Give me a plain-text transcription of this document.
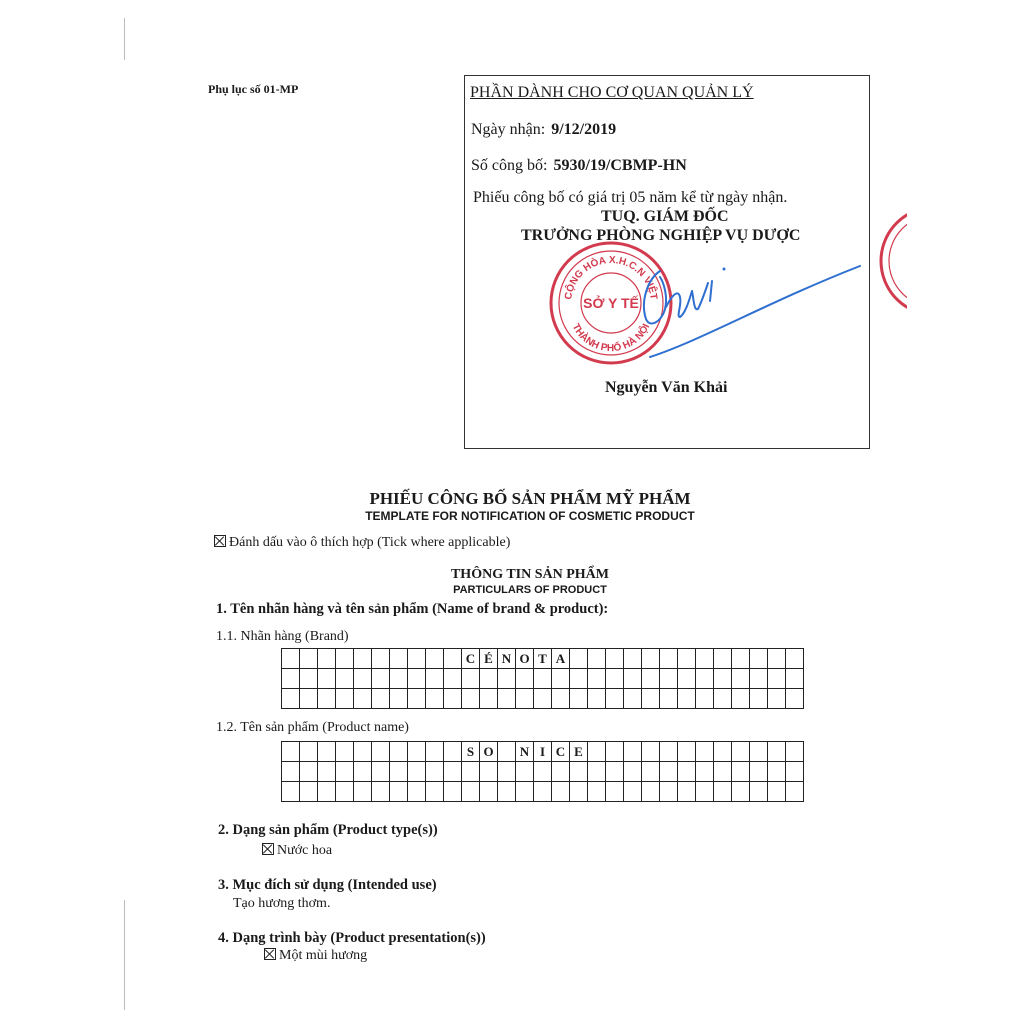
Phụ lục số 01-MP	PHẦN DÀNH CHO CƠ QUAN QUẢN LÝ
Ngày nhận: 9/12/2019
Số công bố: 5930/19/CBMP-HN
Phiếu công bố có giá trị 05 năm kể từ ngày nhận.
TUQ. GIÁM ĐỐC
TRƯỞNG PHÒNG NGHIỆP VỤ DƯỢC
Nguyễn Văn Khải
CỘNG HÒA X.H.C.N VIỆT
THÀNH PHỐ HÀ NỘI
SỞ Y TẾ
PHIẾU CÔNG BỐ SẢN PHẨM MỸ PHẨM
TEMPLATE FOR NOTIFICATION OF COSMETIC PRODUCT
Đánh dấu vào ô thích hợp (Tick where applicable)
THÔNG TIN SẢN PHẨM
PARTICULARS OF PRODUCT
1. Tên nhãn hàng và tên sản phẩm (Name of brand & product):
1.1. Nhãn hàng (Brand)
										C	É	N	O	T	A													

1.2. Tên sản phẩm (Product name)
										S	O		N	I	C	E												

2. Dạng sản phẩm (Product type(s))
Nước hoa
3. Mục đích sử dụng (Intended use)
Tạo hương thơm.
4. Dạng trình bày (Product presentation(s))
Một mùi hương
